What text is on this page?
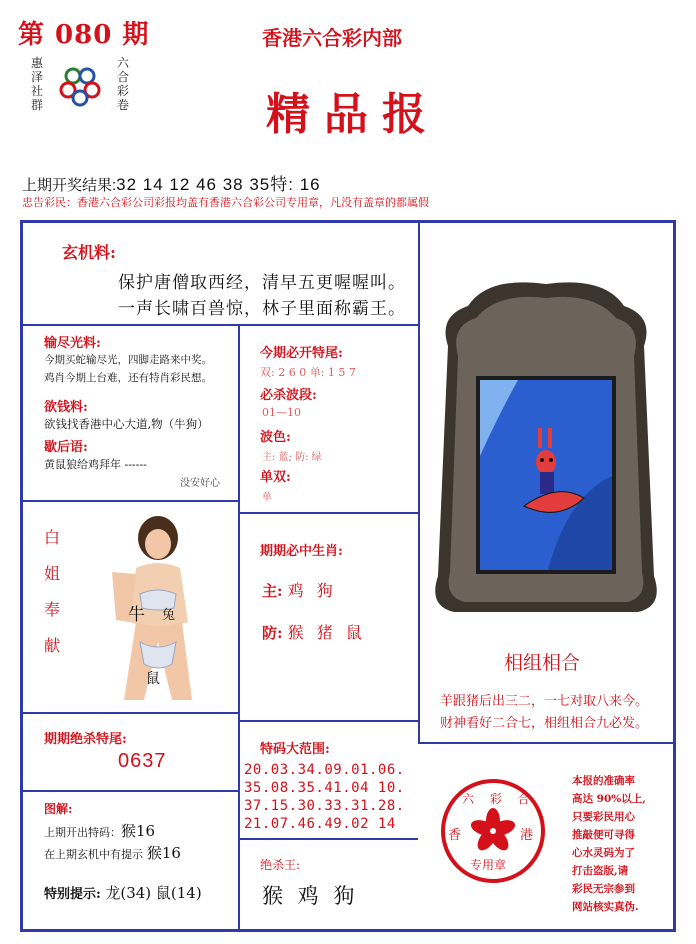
第 080 期
惠
泽
社
群
六
合
彩
卷
香港六合彩内部
精品报
上期开奖结果:32 14 12 46 38 35特: 16
忠告彩民：香港六合彩公司彩报均盖有香港六合彩公司专用章，凡没有盖章的都属假
玄机料:
保护唐僧取西经，清早五更喔喔叫。
一声长啸百兽惊，林子里面称霸王。
输尽光料:
今期买蛇输尽光，四脚走路来中奖。
鸡肖今期上台难，还有特肖彩民想。
欲钱料:
欲钱找香港中心大道,物（牛狗）
歇后语:
黄鼠狼给鸡拜年 ------
没安好心
今期必开特尾:
双: 2 6 0 单: 1 5 7
必杀波段:
01—10
波色:
主: 蓝; 防: 绿
单双:
单
白
姐
奉
献
牛 兔
鼠
期期必中生肖:
主: 鸡 狗
防: 猴 猪 鼠
相组相合
羊跟猪后出三二，一七对取八来今。
财神看好二合七，相组相合九必发。
期期绝杀特尾:
0637
特码大范围:
20.03.34.09.01.06.
35.08.35.41.04 10.
37.15.30.33.31.28.
21.07.46.49.02 14
图解:
上期开出特码：猴16
在上期玄机中有提示 猴16
特别提示: 龙(34) 鼠(14)
绝杀王:
猴 鸡 狗
六 彩 合
香	港
专用章
本报的准确率
高达 90%以上,
只要彩民用心
推敲便可寻得
心水灵码为了
打击盗版,请
彩民无宗参到
网站核实真伪.
